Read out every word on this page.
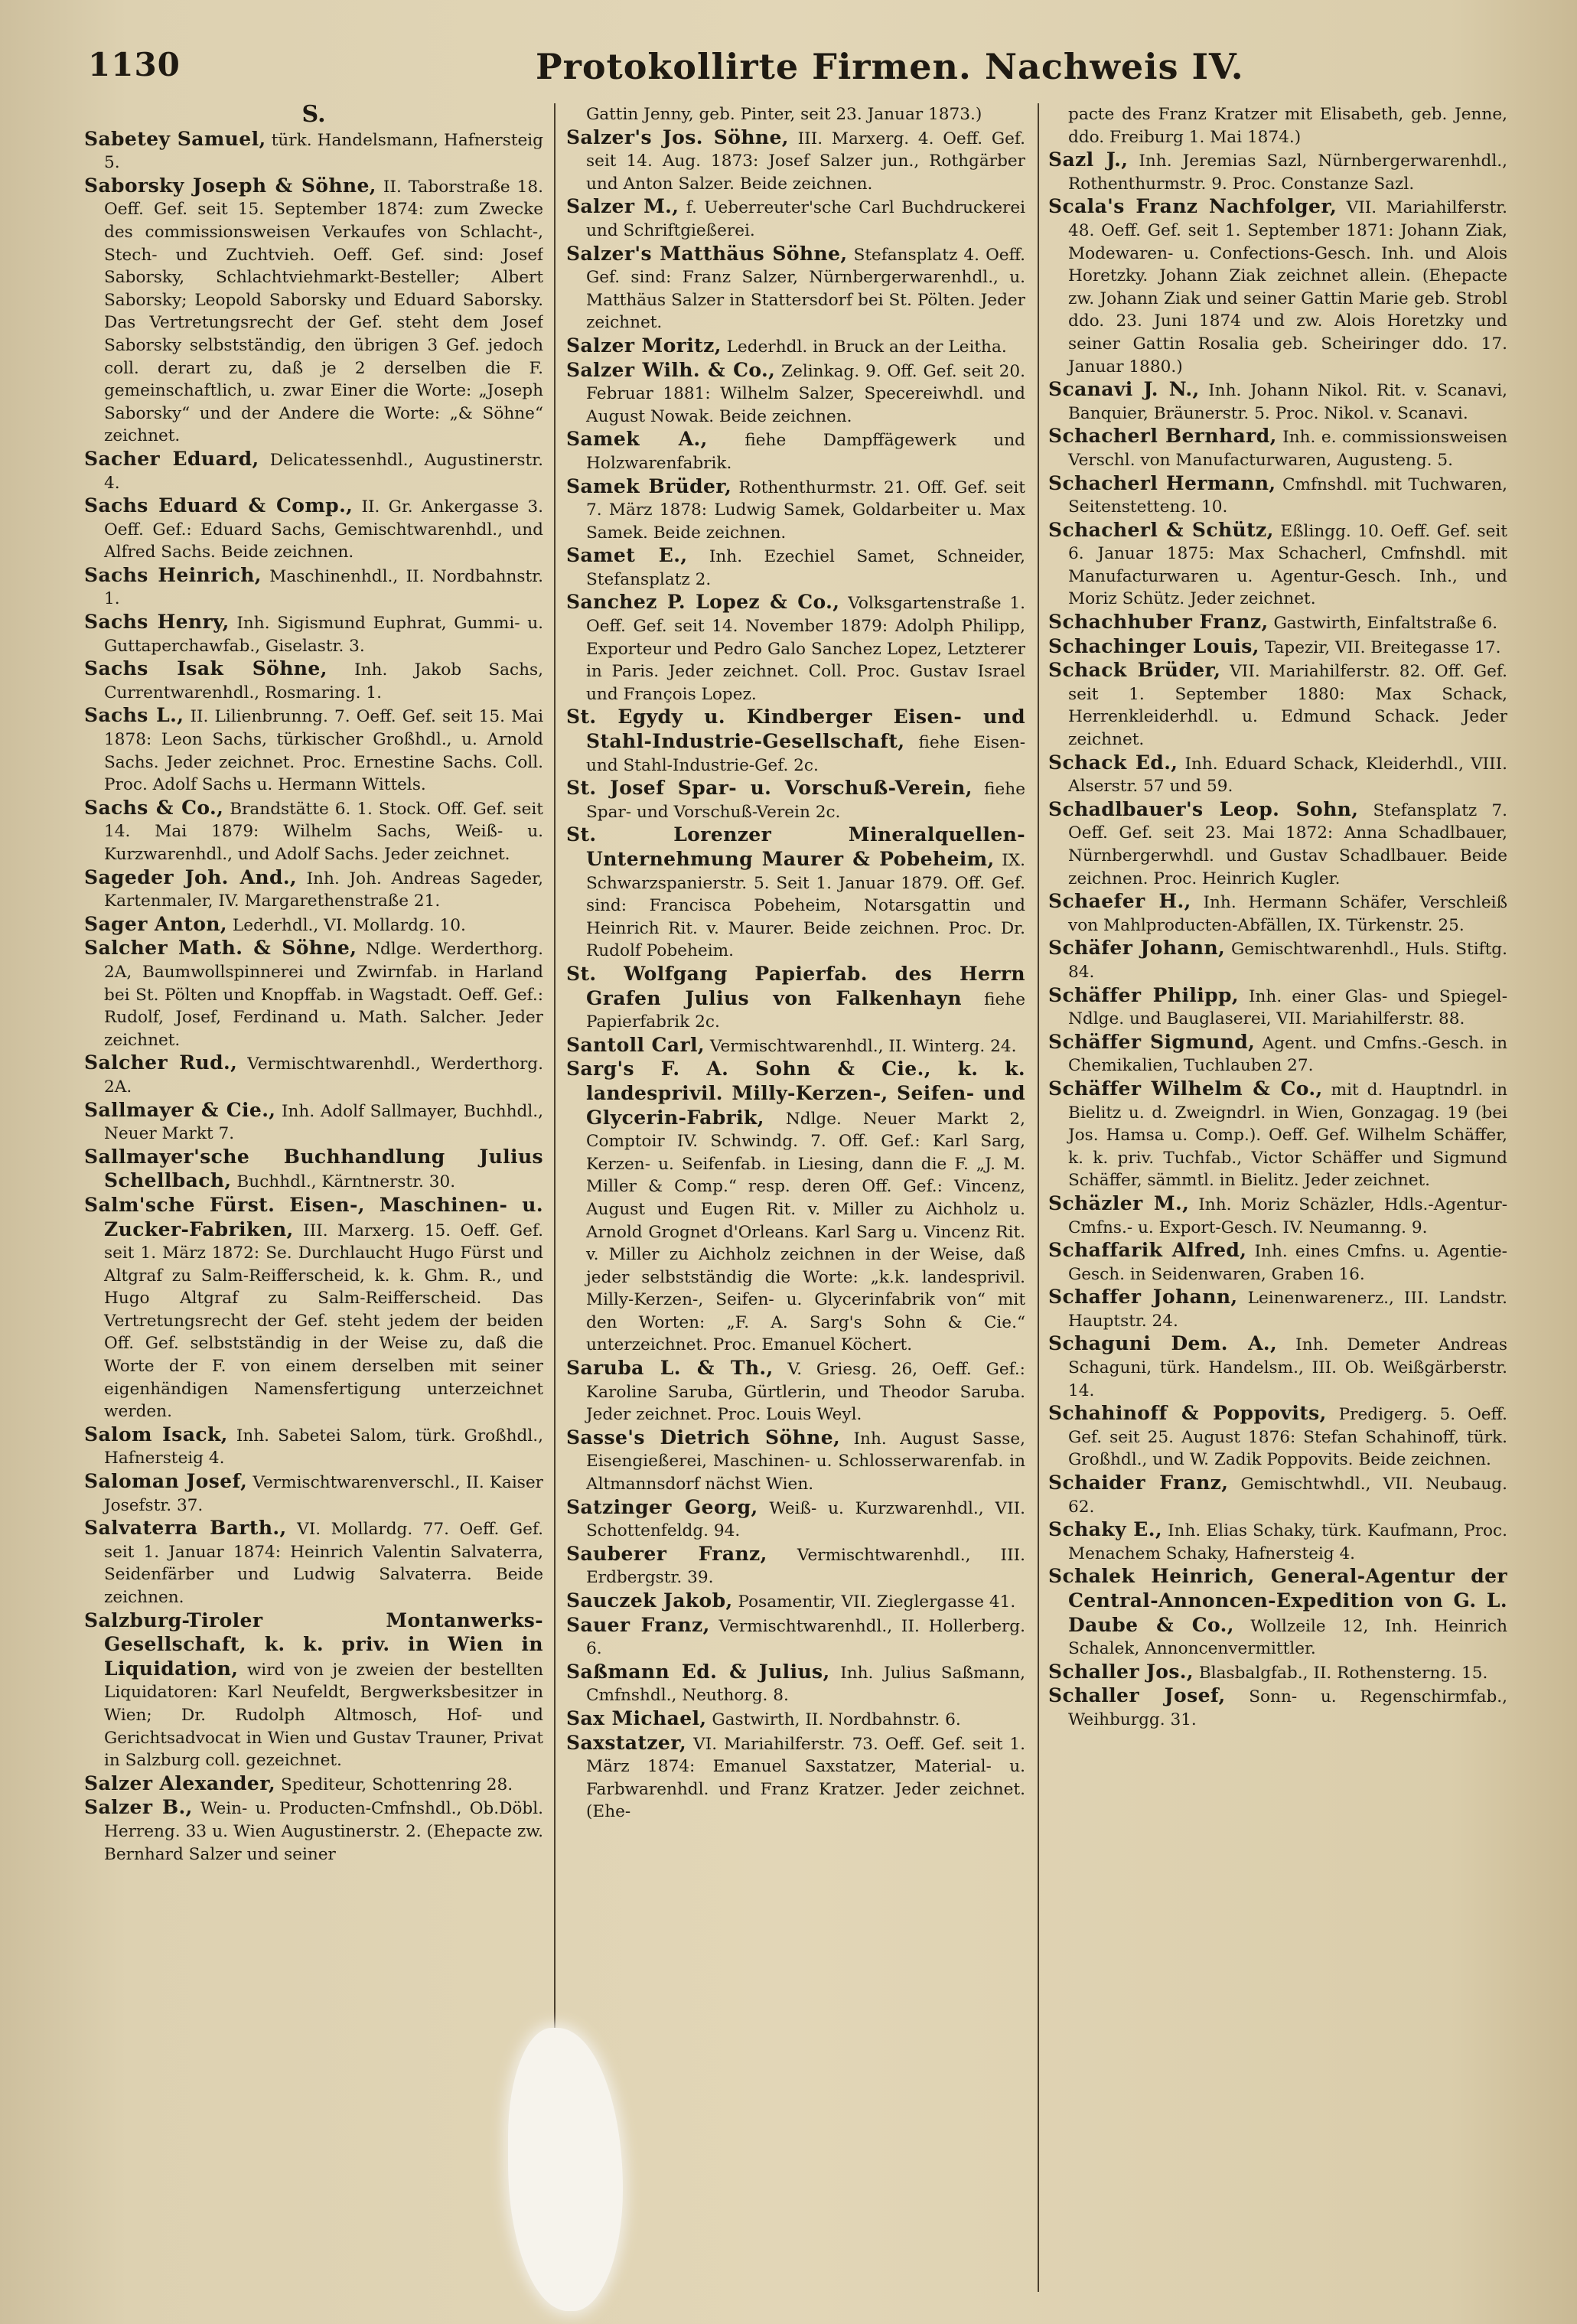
1130	Protokollirte Firmen. Nachweis IV.
S.

Sabetey Samuel, türk. Handelsmann, Hafnersteig 5.

Saborsky Joseph & Söhne, II. Taborstraße 18. Oeff. Gef. seit 15. September 1874: zum Zwecke des commissionsweisen Verkaufes von Schlacht-, Stech- und Zuchtvieh. Oeff. Gef. sind: Josef Saborsky, Schlachtviehmarkt-Besteller; Albert Saborsky; Leopold Saborsky und Eduard Saborsky. Das Vertretungsrecht der Gef. steht dem Josef Saborsky selbstständig, den übrigen 3 Gef. jedoch coll. derart zu, daß je 2 derselben die F. gemeinschaftlich, u. zwar Einer die Worte: „Joseph Saborsky“ und der Andere die Worte: „& Söhne“ zeichnet.

Sacher Eduard, Delicatessenhdl., Augustinerstr. 4.

Sachs Eduard & Comp., II. Gr. Ankergasse 3. Oeff. Gef.: Eduard Sachs, Gemischtwarenhdl., und Alfred Sachs. Beide zeichnen.

Sachs Heinrich, Maschinenhdl., II. Nordbahnstr. 1.

Sachs Henry, Inh. Sigismund Euphrat, Gummi- u. Guttaperchawfab., Giselastr. 3.

Sachs Isak Söhne, Inh. Jakob Sachs, Currentwarenhdl., Rosmaring. 1.

Sachs L., II. Lilienbrunng. 7. Oeff. Gef. seit 15. Mai 1878: Leon Sachs, türkischer Großhdl., u. Arnold Sachs. Jeder zeichnet. Proc. Ernestine Sachs. Coll. Proc. Adolf Sachs u. Hermann Wittels.

Sachs & Co., Brandstätte 6. 1. Stock. Off. Gef. seit 14. Mai 1879: Wilhelm Sachs, Weiß- u. Kurzwarenhdl., und Adolf Sachs. Jeder zeichnet.

Sageder Joh. And., Inh. Joh. Andreas Sageder, Kartenmaler, IV. Margarethenstraße 21.

Sager Anton, Lederhdl., VI. Mollardg. 10.

Salcher Math. & Söhne, Ndlge. Werderthorg. 2A, Baumwollspinnerei und Zwirnfab. in Harland bei St. Pölten und Knopffab. in Wagstadt. Oeff. Gef.: Rudolf, Josef, Ferdinand u. Math. Salcher. Jeder zeichnet.

Salcher Rud., Vermischtwarenhdl., Werderthorg. 2A.

Sallmayer & Cie., Inh. Adolf Sallmayer, Buchhdl., Neuer Markt 7.

Sallmayer'sche Buchhandlung Julius Schellbach, Buchhdl., Kärntnerstr. 30.

Salm'sche Fürst. Eisen-, Maschinen- u. Zucker-Fabriken, III. Marxerg. 15. Oeff. Gef. seit 1. März 1872: Se. Durchlaucht Hugo Fürst und Altgraf zu Salm-Reifferscheid, k. k. Ghm. R., und Hugo Altgraf zu Salm-Reifferscheid. Das Vertretungsrecht der Gef. steht jedem der beiden Off. Gef. selbstständig in der Weise zu, daß die Worte der F. von einem derselben mit seiner eigenhändigen Namensfertigung unterzeichnet werden.

Salom Isack, Inh. Sabetei Salom, türk. Großhdl., Hafnersteig 4.

Saloman Josef, Vermischtwarenverschl., II. Kaiser Josefstr. 37.

Salvaterra Barth., VI. Mollardg. 77. Oeff. Gef. seit 1. Januar 1874: Heinrich Valentin Salvaterra, Seidenfärber und Ludwig Salvaterra. Beide zeichnen.

Salzburg-Tiroler Montanwerks-Gesellschaft, k. k. priv. in Wien in Liquidation, wird von je zweien der bestellten Liquidatoren: Karl Neufeldt, Bergwerksbesitzer in Wien; Dr. Rudolph Altmosch, Hof- und Gerichtsadvocat in Wien und Gustav Trauner, Privat in Salzburg coll. gezeichnet.

Salzer Alexander, Spediteur, Schottenring 28.

Salzer B., Wein- u. Producten-Cmfnshdl., Ob.Döbl. Herreng. 33 u. Wien Augustinerstr. 2. (Ehepacte zw. Bernhard Salzer und seiner

Gattin Jenny, geb. Pinter, seit 23. Januar 1873.)

Salzer's Jos. Söhne, III. Marxerg. 4. Oeff. Gef. seit 14. Aug. 1873: Josef Salzer jun., Rothgärber und Anton Salzer. Beide zeichnen.

Salzer M., f. Ueberreuter'sche Carl Buchdruckerei und Schriftgießerei.

Salzer's Matthäus Söhne, Stefansplatz 4. Oeff. Gef. sind: Franz Salzer, Nürnbergerwarenhdl., u. Matthäus Salzer in Stattersdorf bei St. Pölten. Jeder zeichnet.

Salzer Moritz, Lederhdl. in Bruck an der Leitha.

Salzer Wilh. & Co., Zelinkag. 9. Off. Gef. seit 20. Februar 1881: Wilhelm Salzer, Specereiwhdl. und August Nowak. Beide zeichnen.

Samek A., fiehe Dampffägewerk und Holzwarenfabrik.

Samek Brüder, Rothenthurmstr. 21. Off. Gef. seit 7. März 1878: Ludwig Samek, Goldarbeiter u. Max Samek. Beide zeichnen.

Samet E., Inh. Ezechiel Samet, Schneider, Stefansplatz 2.

Sanchez P. Lopez & Co., Volksgartenstraße 1. Oeff. Gef. seit 14. November 1879: Adolph Philipp, Exporteur und Pedro Galo Sanchez Lopez, Letzterer in Paris. Jeder zeichnet. Coll. Proc. Gustav Israel und François Lopez.

St. Egydy u. Kindberger Eisen- und Stahl-Industrie-Gesellschaft, fiehe Eisen- und Stahl-Industrie-Gef. 2c.

St. Josef Spar- u. Vorschuß-Verein, fiehe Spar- und Vorschuß-Verein 2c.

St. Lorenzer Mineralquellen-Unternehmung Maurer & Pobeheim, IX. Schwarzspanierstr. 5. Seit 1. Januar 1879. Off. Gef. sind: Francisca Pobeheim, Notarsgattin und Heinrich Rit. v. Maurer. Beide zeichnen. Proc. Dr. Rudolf Pobeheim.

St. Wolfgang Papierfab. des Herrn Grafen Julius von Falkenhayn fiehe Papierfabrik 2c.

Santoll Carl, Vermischtwarenhdl., II. Winterg. 24.

Sarg's F. A. Sohn & Cie., k. k. landesprivil. Milly-Kerzen-, Seifen- und Glycerin-Fabrik, Ndlge. Neuer Markt 2, Comptoir IV. Schwindg. 7. Off. Gef.: Karl Sarg, Kerzen- u. Seifenfab. in Liesing, dann die F. „J. M. Miller & Comp.“ resp. deren Off. Gef.: Vincenz, August und Eugen Rit. v. Miller zu Aichholz u. Arnold Grognet d'Orleans. Karl Sarg u. Vincenz Rit. v. Miller zu Aichholz zeichnen in der Weise, daß jeder selbstständig die Worte: „k.k. landesprivil. Milly-Kerzen-, Seifen- u. Glycerinfabrik von“ mit den Worten: „F. A. Sarg's Sohn & Cie.“ unterzeichnet. Proc. Emanuel Köchert.

Saruba L. & Th., V. Griesg. 26, Oeff. Gef.: Karoline Saruba, Gürtlerin, und Theodor Saruba. Jeder zeichnet. Proc. Louis Weyl.

Sasse's Dietrich Söhne, Inh. August Sasse, Eisengießerei, Maschinen- u. Schlosserwarenfab. in Altmannsdorf nächst Wien.

Satzinger Georg, Weiß- u. Kurzwarenhdl., VII. Schottenfeldg. 94.

Sauberer Franz, Vermischtwarenhdl., III. Erdbergstr. 39.

Sauczek Jakob, Posamentir, VII. Zieglergasse 41.

Sauer Franz, Vermischtwarenhdl., II. Hollerberg. 6.

Saßmann Ed. & Julius, Inh. Julius Saßmann, Cmfnshdl., Neuthorg. 8.

Sax Michael, Gastwirth, II. Nordbahnstr. 6.

Saxstatzer, VI. Mariahilferstr. 73. Oeff. Gef. seit 1. März 1874: Emanuel Saxstatzer, Material- u. Farbwarenhdl. und Franz Kratzer. Jeder zeichnet. (Ehe-

pacte des Franz Kratzer mit Elisabeth, geb. Jenne, ddo. Freiburg 1. Mai 1874.)

Sazl J., Inh. Jeremias Sazl, Nürnbergerwarenhdl., Rothenthurmstr. 9. Proc. Constanze Sazl.

Scala's Franz Nachfolger, VII. Mariahilferstr. 48. Oeff. Gef. seit 1. September 1871: Johann Ziak, Modewaren- u. Confections-Gesch. Inh. und Alois Horetzky. Johann Ziak zeichnet allein. (Ehepacte zw. Johann Ziak und seiner Gattin Marie geb. Strobl ddo. 23. Juni 1874 und zw. Alois Horetzky und seiner Gattin Rosalia geb. Scheiringer ddo. 17. Januar 1880.)

Scanavi J. N., Inh. Johann Nikol. Rit. v. Scanavi, Banquier, Bräunerstr. 5. Proc. Nikol. v. Scanavi.

Schacherl Bernhard, Inh. e. commissionsweisen Verschl. von Manufacturwaren, Augusteng. 5.

Schacherl Hermann, Cmfnshdl. mit Tuchwaren, Seitenstetteng. 10.

Schacherl & Schütz, Eßlingg. 10. Oeff. Gef. seit 6. Januar 1875: Max Schacherl, Cmfnshdl. mit Manufacturwaren u. Agentur-Gesch. Inh., und Moriz Schütz. Jeder zeichnet.

Schachhuber Franz, Gastwirth, Einfaltstraße 6.

Schachinger Louis, Tapezir, VII. Breitegasse 17.

Schack Brüder, VII. Mariahilferstr. 82. Off. Gef. seit 1. September 1880: Max Schack, Herrenkleiderhdl. u. Edmund Schack. Jeder zeichnet.

Schack Ed., Inh. Eduard Schack, Kleiderhdl., VIII. Alserstr. 57 und 59.

Schadlbauer's Leop. Sohn, Stefansplatz 7. Oeff. Gef. seit 23. Mai 1872: Anna Schadlbauer, Nürnbergerwhdl. und Gustav Schadlbauer. Beide zeichnen. Proc. Heinrich Kugler.

Schaefer H., Inh. Hermann Schäfer, Verschleiß von Mahlproducten-Abfällen, IX. Türkenstr. 25.

Schäfer Johann, Gemischtwarenhdl., Huls. Stiftg. 84.

Schäffer Philipp, Inh. einer Glas- und Spiegel-Ndlge. und Bauglaserei, VII. Mariahilferstr. 88.

Schäffer Sigmund, Agent. und Cmfns.-Gesch. in Chemikalien, Tuchlauben 27.

Schäffer Wilhelm & Co., mit d. Hauptndrl. in Bielitz u. d. Zweigndrl. in Wien, Gonzagag. 19 (bei Jos. Hamsa u. Comp.). Oeff. Gef. Wilhelm Schäffer, k. k. priv. Tuchfab., Victor Schäffer und Sigmund Schäffer, sämmtl. in Bielitz. Jeder zeichnet.

Schäzler M., Inh. Moriz Schäzler, Hdls.-Agentur-Cmfns.- u. Export-Gesch. IV. Neumanng. 9.

Schaffarik Alfred, Inh. eines Cmfns. u. Agentie-Gesch. in Seidenwaren, Graben 16.

Schaffer Johann, Leinenwarenerz., III. Landstr. Hauptstr. 24.

Schaguni Dem. A., Inh. Demeter Andreas Schaguni, türk. Handelsm., III. Ob. Weißgärberstr. 14.

Schahinoff & Poppovits, Predigerg. 5. Oeff. Gef. seit 25. August 1876: Stefan Schahinoff, türk. Großhdl., und W. Zadik Poppovits. Beide zeichnen.

Schaider Franz, Gemischtwhdl., VII. Neubaug. 62.

Schaky E., Inh. Elias Schaky, türk. Kaufmann, Proc. Menachem Schaky, Hafnersteig 4.

Schalek Heinrich, General-Agentur der Central-Annoncen-Expedition von G. L. Daube & Co., Wollzeile 12, Inh. Heinrich Schalek, Annoncenvermittler.

Schaller Jos., Blasbalgfab., II. Rothensterng. 15.

Schaller Josef, Sonn- u. Regenschirmfab., Weihburgg. 31.
